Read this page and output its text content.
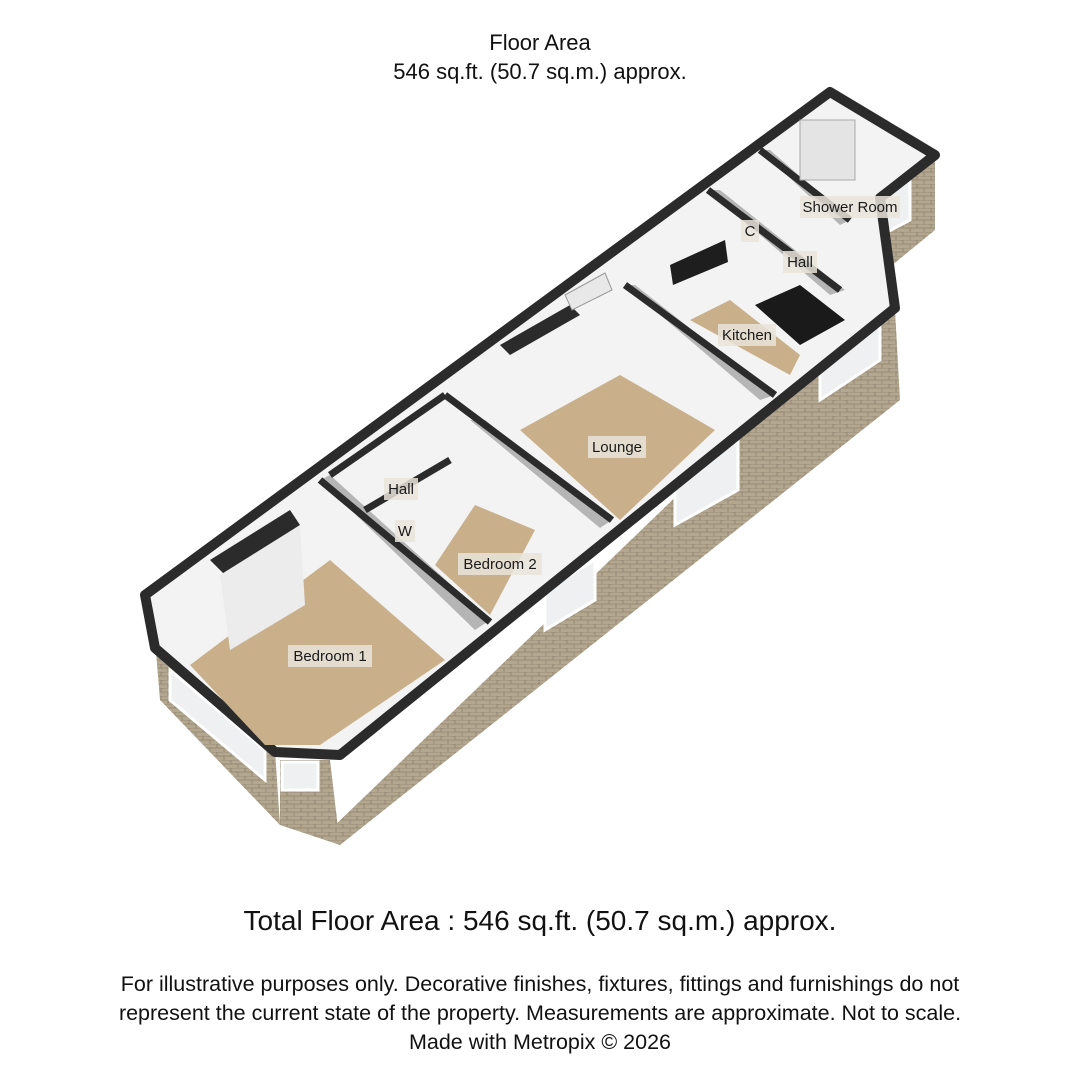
Floor Area
546 sq.ft. (50.7 sq.m.) approx.
Bedroom 1
Bedroom 2
Lounge
Kitchen
Hall
Hall
C
W
Shower Room
Total Floor Area : 546 sq.ft. (50.7 sq.m.) approx.
For illustrative purposes only. Decorative finishes, fixtures, fittings and furnishings do not
represent the current state of the property. Measurements are approximate. Not to scale.
Made with Metropix © 2026
